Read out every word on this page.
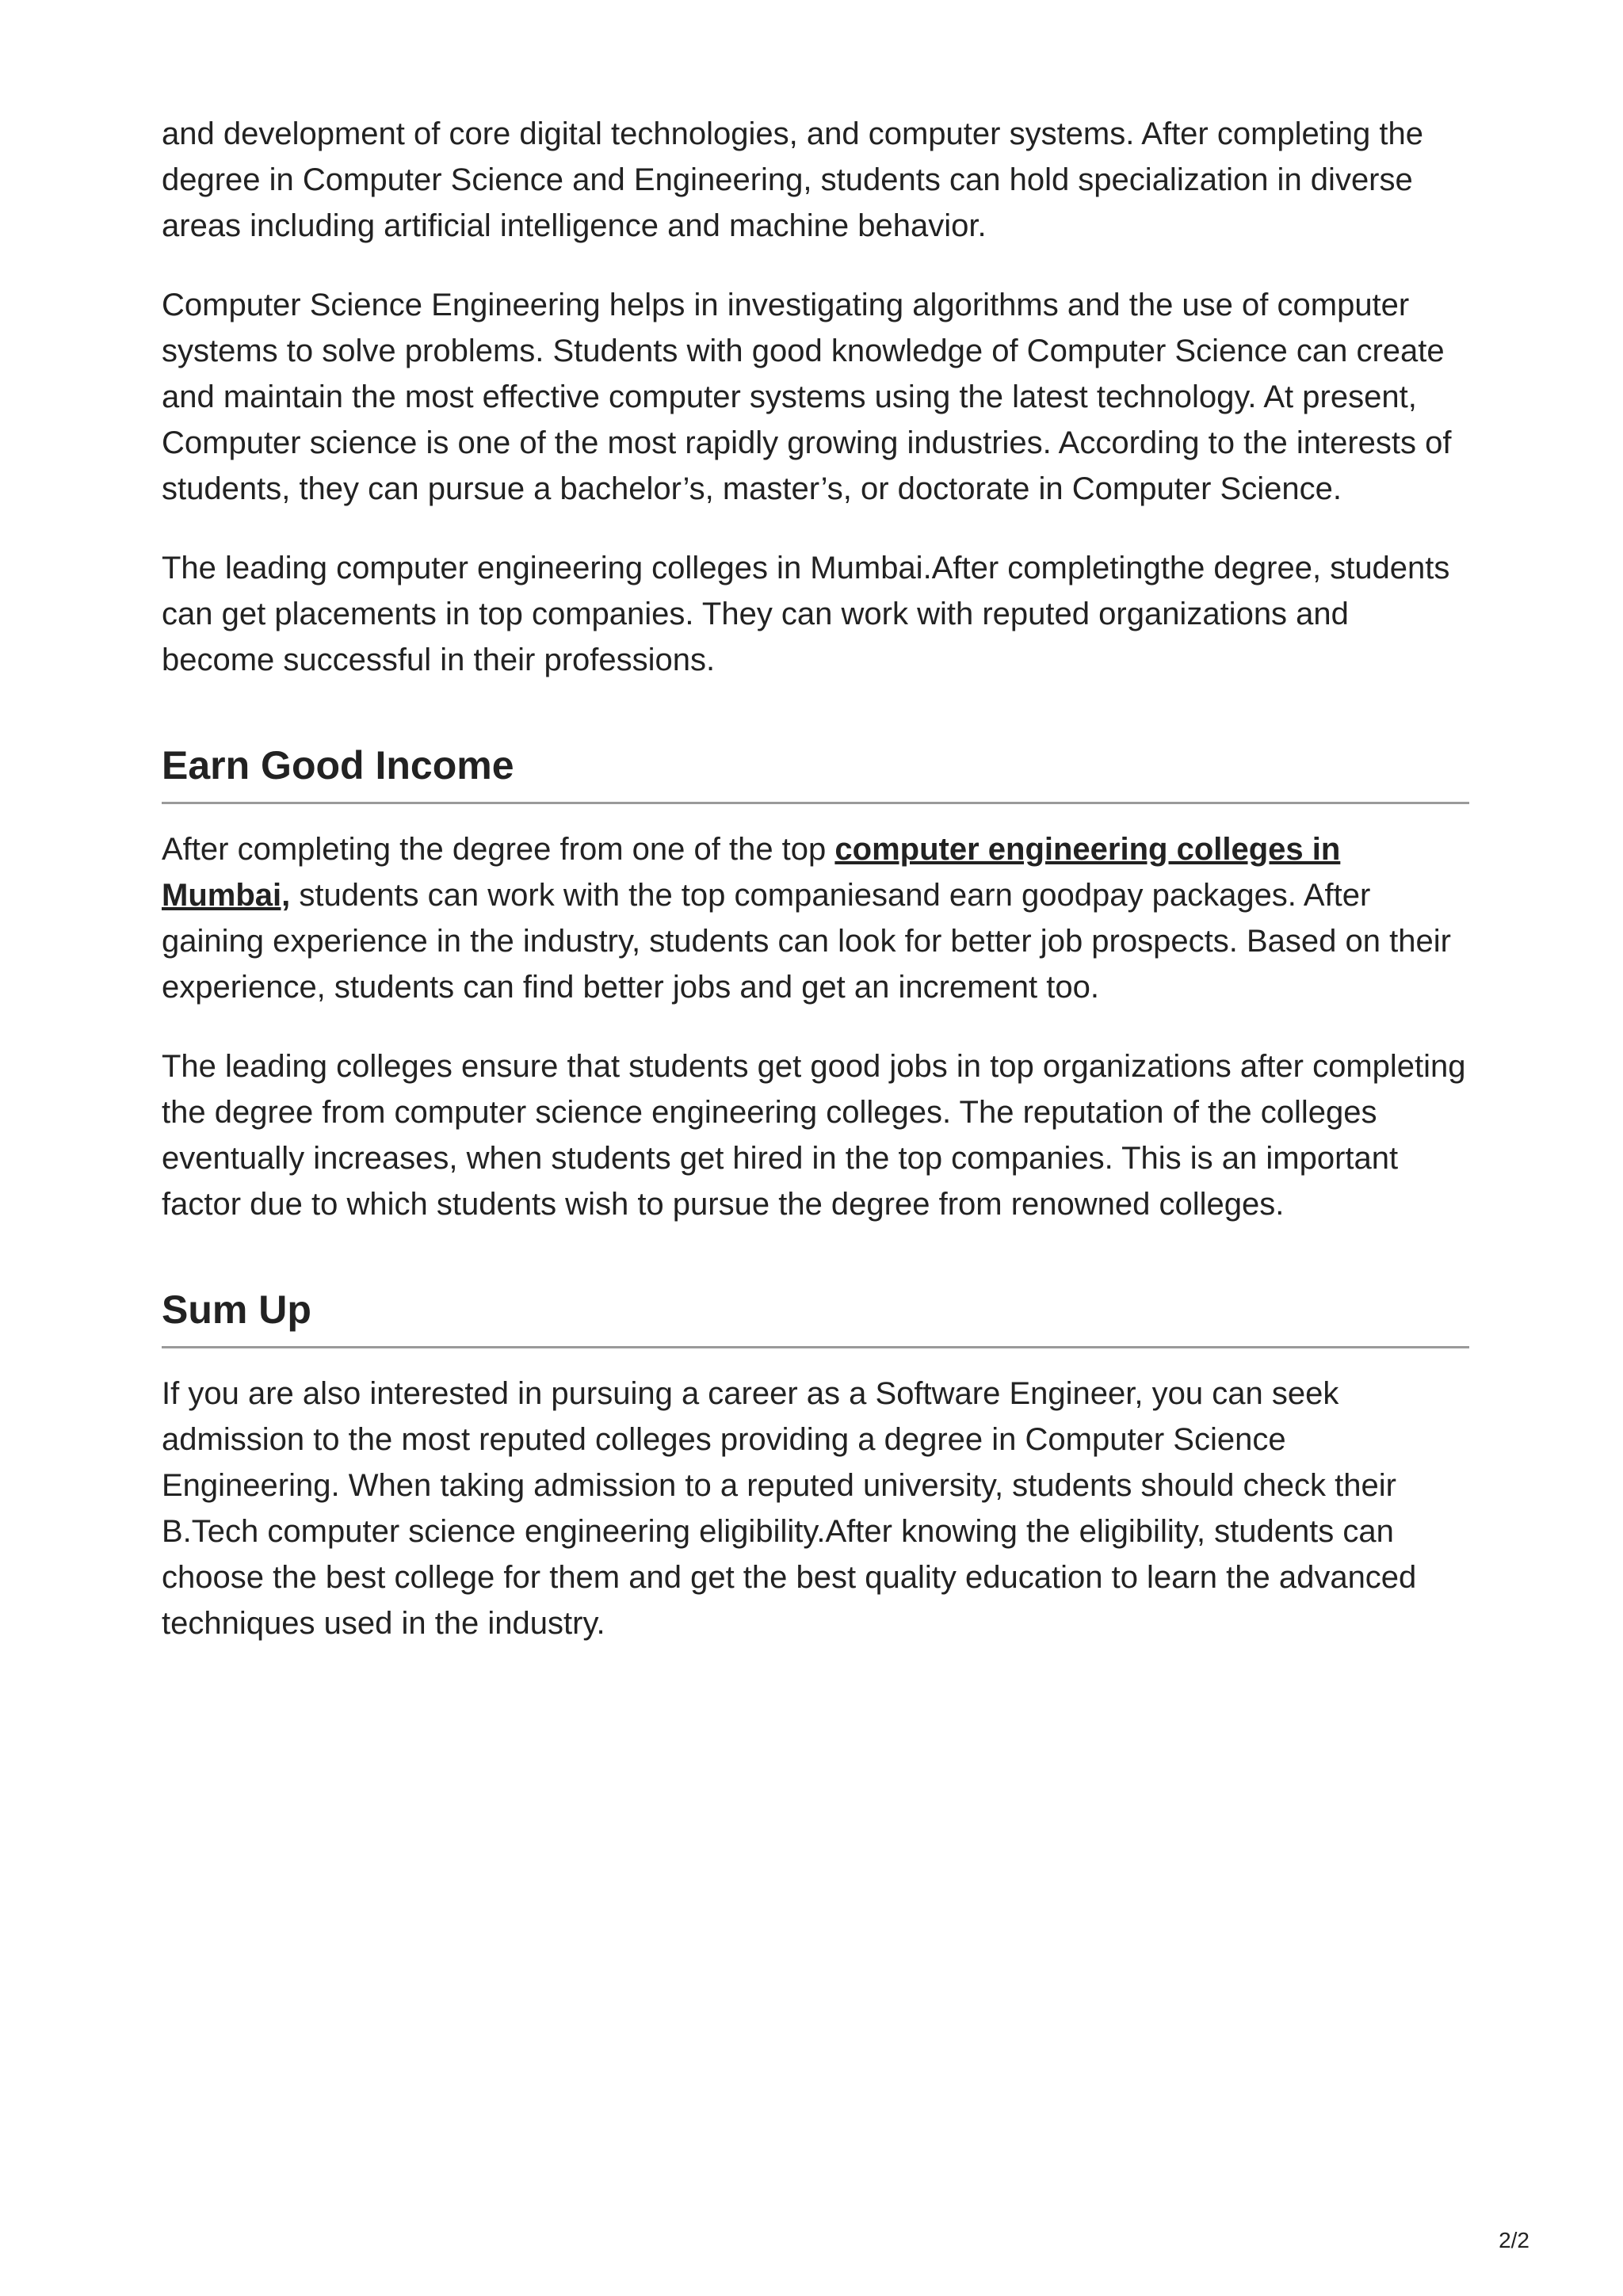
and development of core digital technologies, and computer systems. After completing the degree in Computer Science and Engineering, students can hold specialization in diverse areas including artificial intelligence and machine behavior.

Computer Science Engineering helps in investigating algorithms and the use of computer systems to solve problems. Students with good knowledge of Computer Science can create and maintain the most effective computer systems using the latest technology. At present, Computer science is one of the most rapidly growing industries. According to the interests of students, they can pursue a bachelor’s, master’s, or doctorate in Computer Science.

The leading computer engineering colleges in Mumbai.After completingthe degree, students can get placements in top companies. They can work with reputed organizations and become successful in their professions.

Earn Good Income

After completing the degree from one of the top computer engineering colleges in Mumbai, students can work with the top companiesand earn goodpay packages. After gaining experience in the industry, students can look for better job prospects. Based on their experience, students can find better jobs and get an increment too.

The leading colleges ensure that students get good jobs in top organizations after completing the degree from computer science engineering colleges. The reputation of the colleges eventually increases, when students get hired in the top companies. This is an important factor due to which students wish to pursue the degree from renowned colleges.

Sum Up

If you are also interested in pursuing a career as a Software Engineer, you can seek admission to the most reputed colleges providing a degree in Computer Science Engineering. When taking admission to a reputed university, students should check their B.Tech computer science engineering eligibility.After knowing the eligibility, students can choose the best college for them and get the best quality education to learn the advanced techniques used in the industry.

2/2
